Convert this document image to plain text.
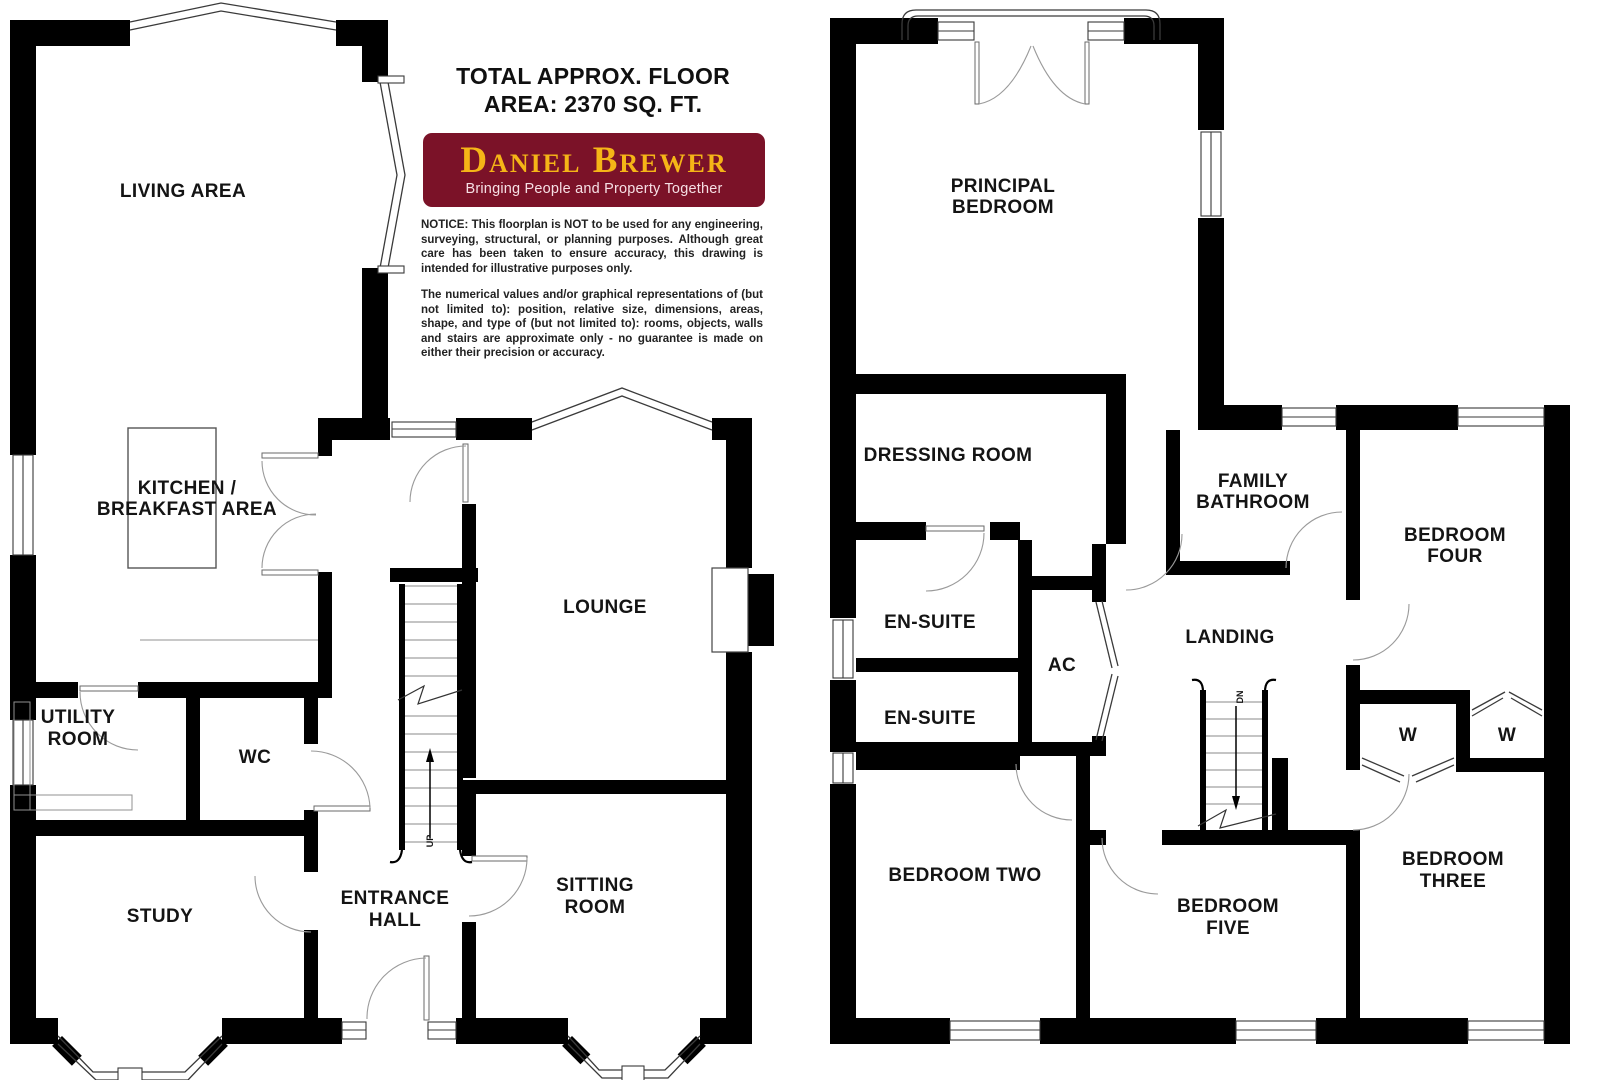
UP
LIVING AREA
KITCHEN /
BREAKFAST AREA
UTILITY
ROOM
WC
STUDY
ENTRANCE
HALL
LOUNGE
SITTING
ROOM
DN
PRINCIPAL
BEDROOM
DRESSING ROOM
EN-SUITE
EN-SUITE
AC
LANDING
FAMILY
BATHROOM
BEDROOM
FOUR
W	W
BEDROOM TWO
BEDROOM
FIVE
BEDROOM
THREE
TOTAL APPROX. FLOOR
AREA: 2370 SQ. FT.
Daniel Brewer
Bringing People and Property Together
NOTICE: This floorplan is NOT to be used for any engineering, surveying, structural, or planning purposes. Although great care has been taken to ensure accuracy, this drawing is intended for illustrative purposes only.
The numerical values and/or graphical representations of (but not limited to): position, relative size, dimensions, areas, shape, and type of (but not limited to): rooms, objects, walls and stairs are approximate only - no guarantee is made on either their precision or accuracy.
